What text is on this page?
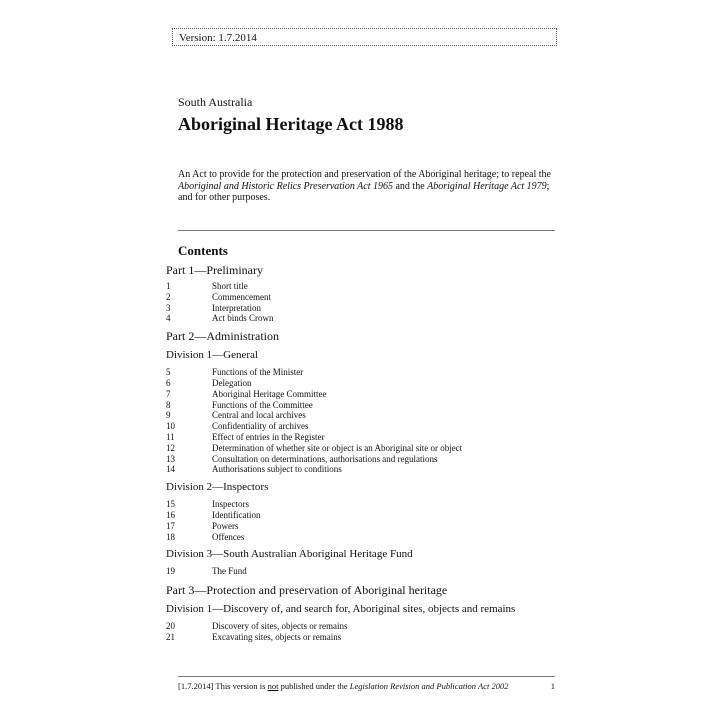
Version: 1.7.2014
South Australia
Aboriginal Heritage Act 1988
An Act to provide for the protection and preservation of the Aboriginal heritage; to repeal the Aboriginal and Historic Relics Preservation Act 1965 and the Aboriginal Heritage Act 1979; and for other purposes.
Contents
Part 1—Preliminary
1	Short title
2	Commencement
3	Interpretation
4	Act binds Crown
Part 2—Administration
Division 1—General
5	Functions of the Minister
6	Delegation
7	Aboriginal Heritage Committee
8	Functions of the Committee
9	Central and local archives
10	Confidentiality of archives
11	Effect of entries in the Register
12	Determination of whether site or object is an Aboriginal site or object
13	Consultation on determinations, authorisations and regulations
14	Authorisations subject to conditions
Division 2—Inspectors
15	Inspectors
16	Identification
17	Powers
18	Offences
Division 3—South Australian Aboriginal Heritage Fund
19	The Fund
Part 3—Protection and preservation of Aboriginal heritage
Division 1—Discovery of, and search for, Aboriginal sites, objects and remains
20	Discovery of sites, objects or remains
21	Excavating sites, objects or remains
[1.7.2014] This version is not published under the Legislation Revision and Publication Act 2002	1
